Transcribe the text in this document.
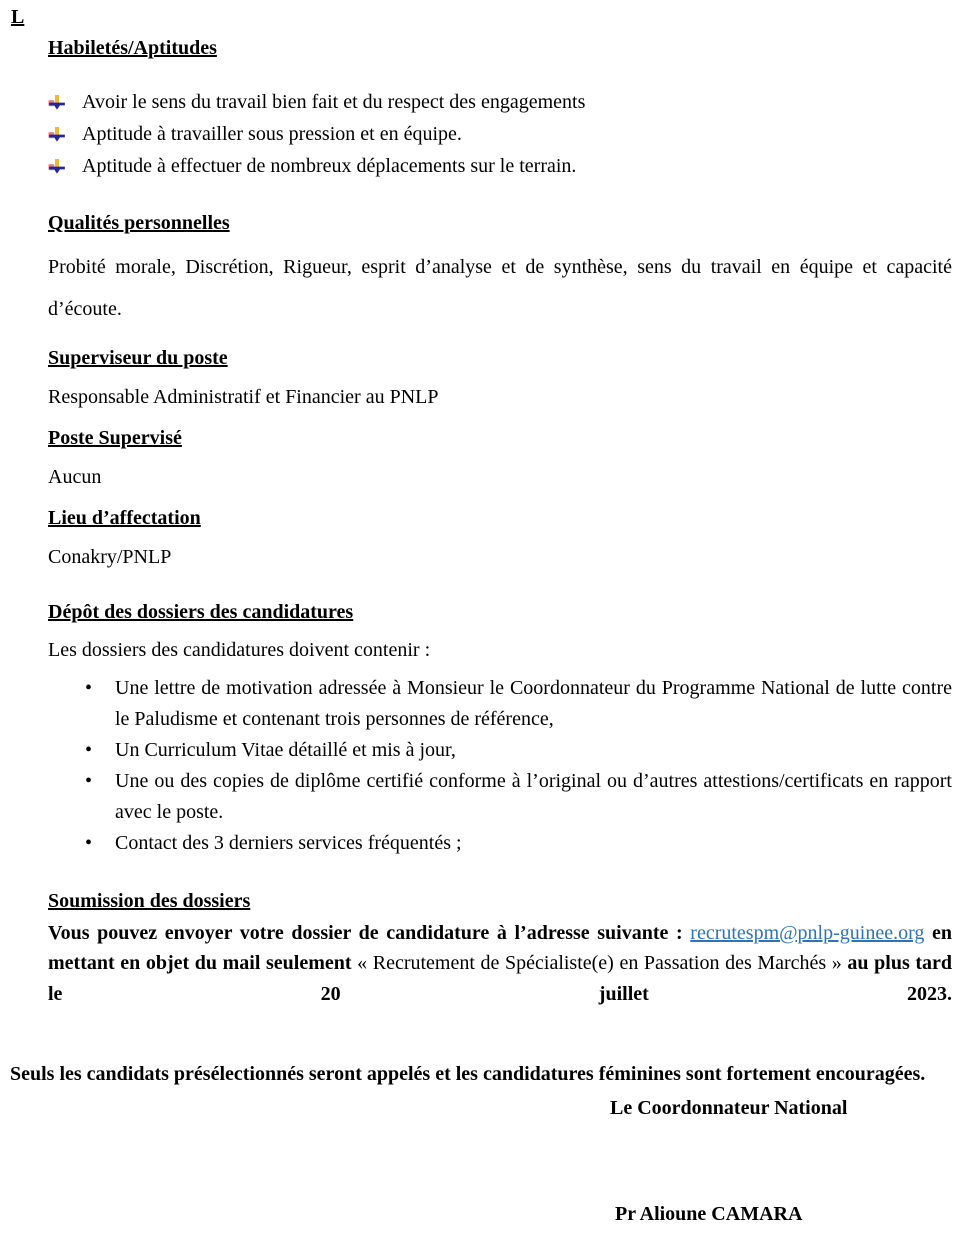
L
Habiletés/Aptitudes
Avoir le sens du travail bien fait et du respect des engagements
Aptitude à travailler sous pression et en équipe.
Aptitude à effectuer de nombreux déplacements sur le terrain.
Qualités personnelles

Probité morale, Discrétion, Rigueur, esprit d’analyse et de synthèse, sens du travail en équipe et capacité d’écoute.

Superviseur du poste

Responsable Administratif et Financier au PNLP

Poste Supervisé

Aucun

Lieu d’affectation

Conakry/PNLP

Dépôt des dossiers des candidatures

Les dossiers des candidatures doivent contenir :

•	Une lettre de motivation adressée à Monsieur le Coordonnateur du Programme National de lutte contre le Paludisme et contenant trois personnes de référence,
•	Un Curriculum Vitae détaillé et mis à jour,
•	Une ou des copies de diplôme certifié conforme à l’original ou d’autres attestions/certificats en rapport avec le poste.
•	Contact des 3 derniers services fréquentés ;
Soumission des dossiers

Vous pouvez envoyer votre dossier de candidature à l’adresse suivante : recrutespm@pnlp-guinee.org en mettant en objet du mail seulement « Recrutement de Spécialiste(e) en Passation des Marchés » au plus tard le 20 juillet 2023.

Seuls les candidats présélectionnés seront appelés et les candidatures féminines sont fortement encouragées.

Le Coordonnateur National
Pr Alioune CAMARA
